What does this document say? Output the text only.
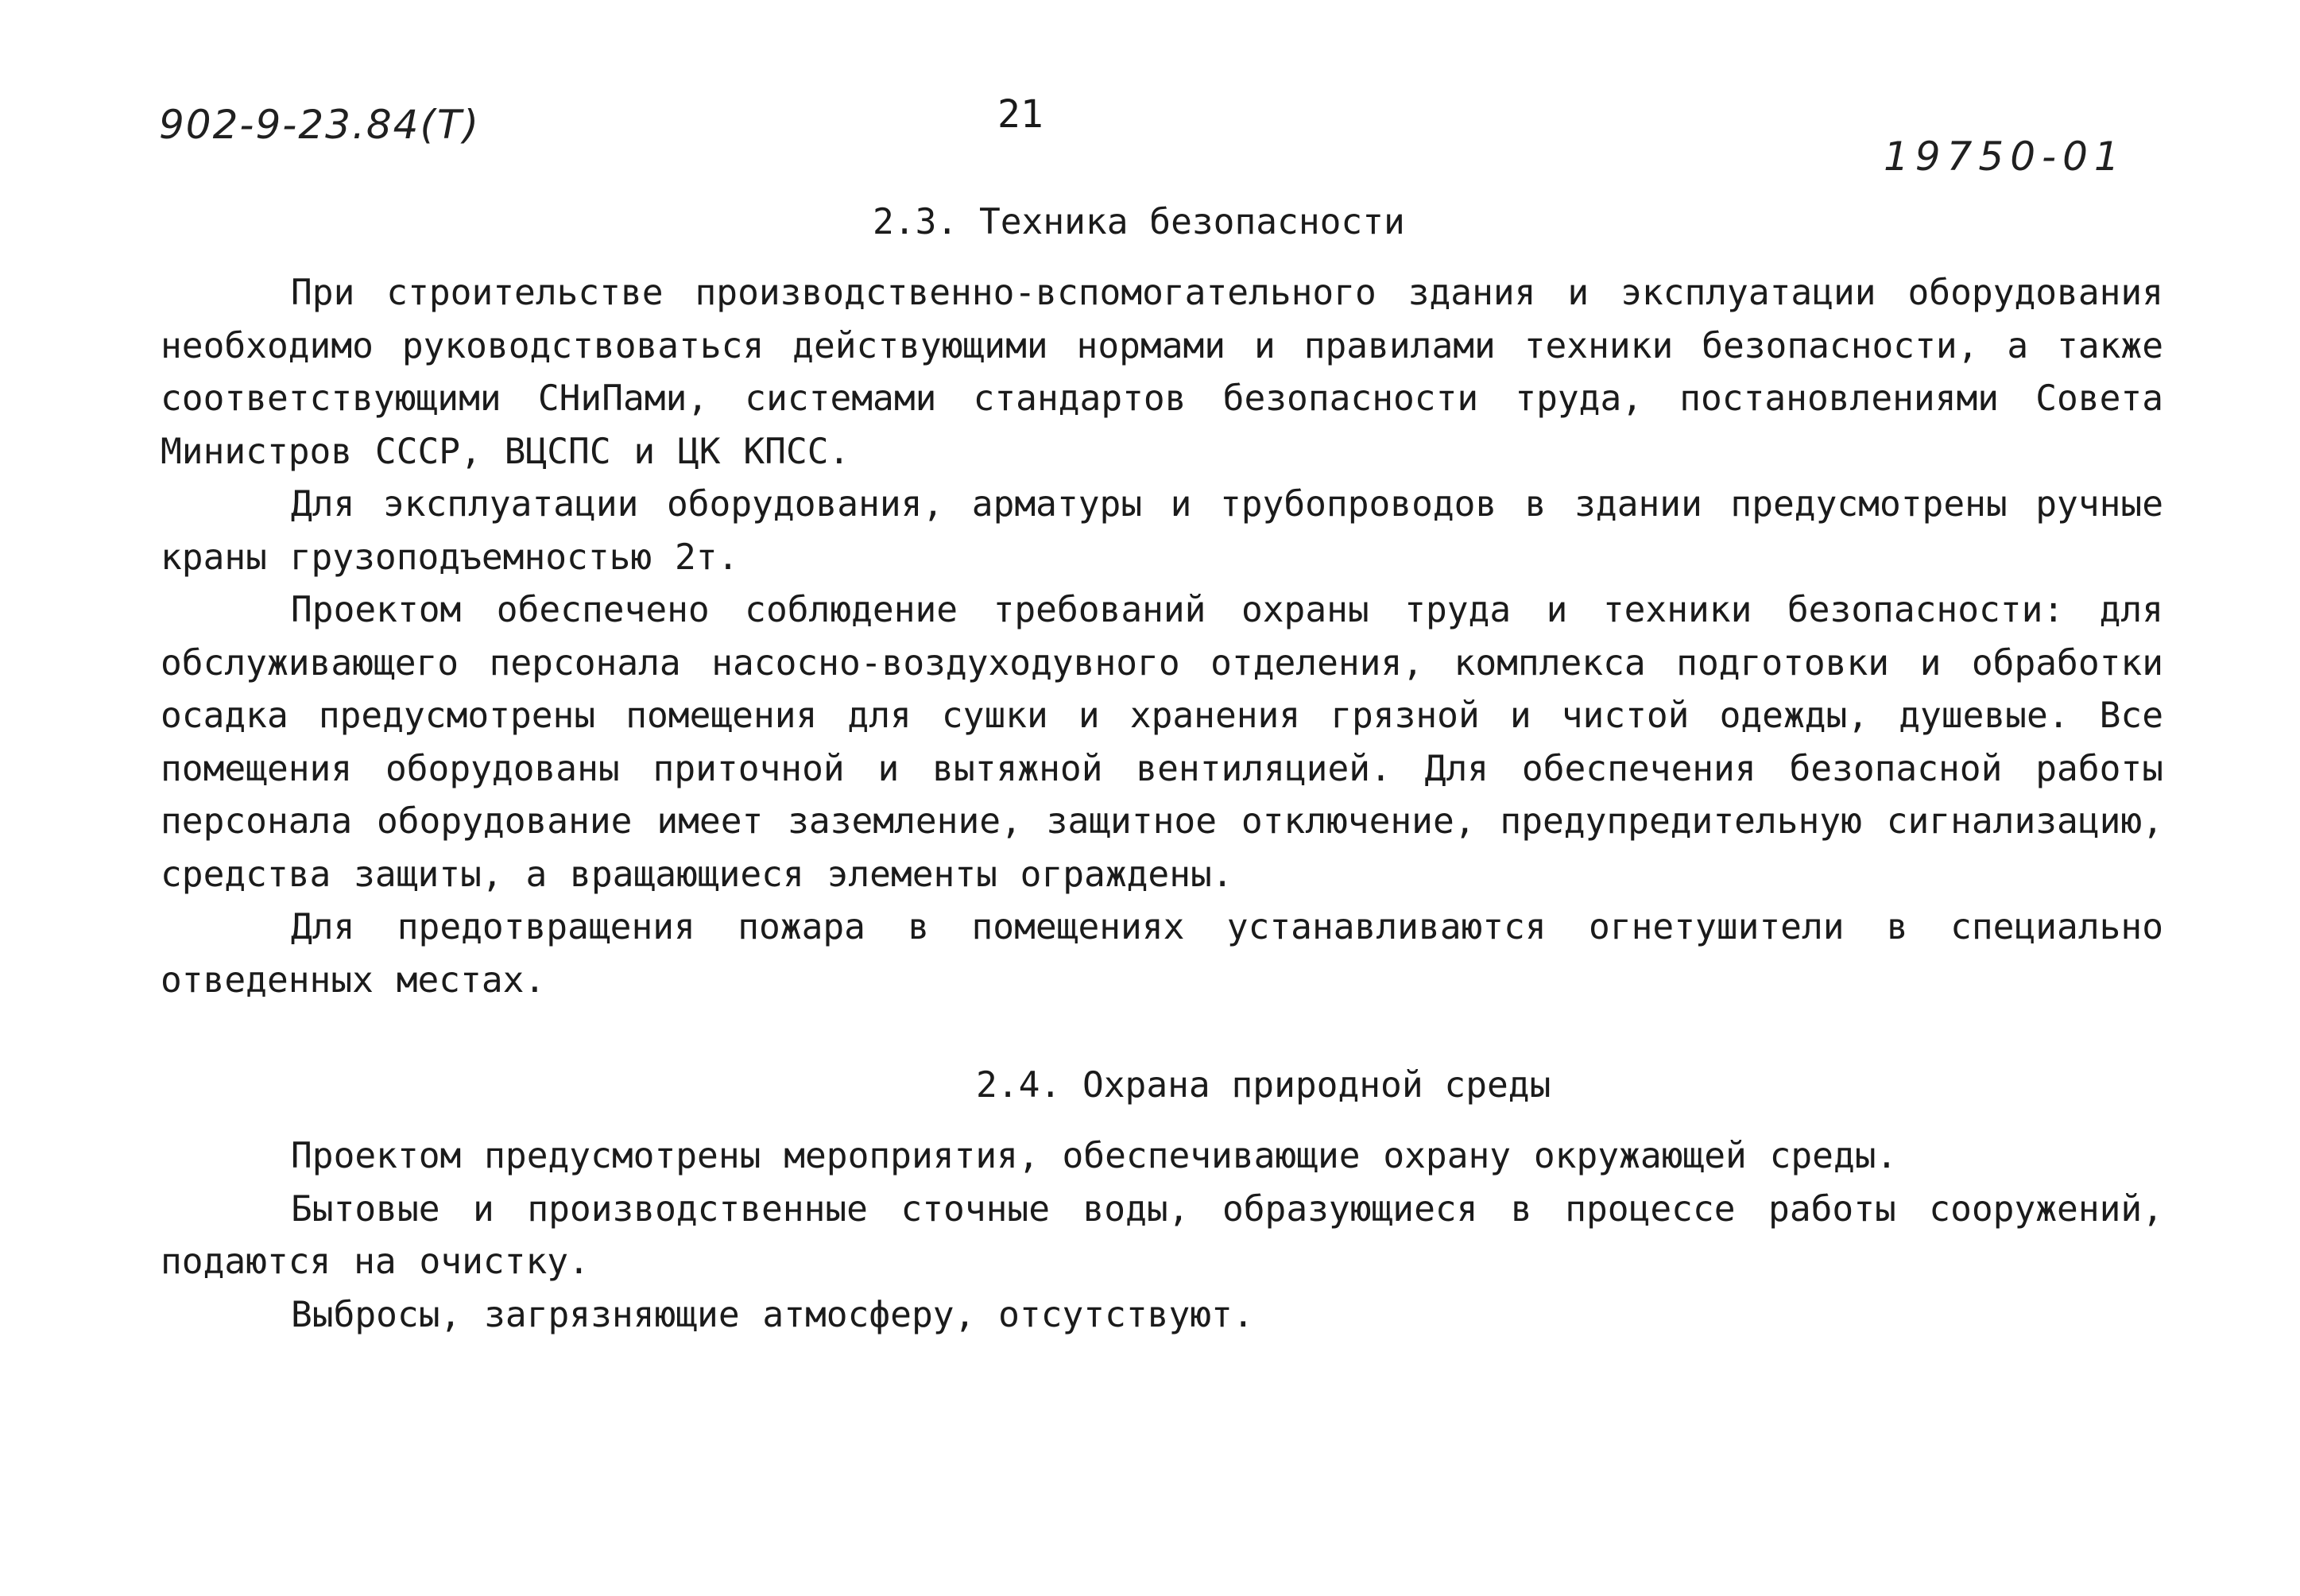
902-9-23.84(Т)	21
19750-01
2.3. Техника безопасности

При строительстве производственно-вспомогательного здания и эксплуатации оборудования необходимо руководствоваться действующими нормами и правилами техники безопасности, а также соответствующими СНиПами, системами стандартов безопасности труда, постановлениями Совета Министров СССР, ВЦСПС и ЦК КПСС.

Для эксплуатации оборудования, арматуры и трубопроводов в здании предусмотрены ручные краны грузоподъемностью 2т.

Проектом обеспечено соблюдение требований охраны труда и техники безопасности: для обслуживающего персонала насосно-воздуходувного отделения, комплекса подготовки и обработки осадка предусмотрены помещения для сушки и хранения грязной и чистой одежды, душевые. Все помещения оборудованы приточной и вытяжной вентиляцией. Для обеспечения безопасной работы персонала оборудование имеет заземление, защитное отключение, предупредительную сигнализацию, средства защиты, а вращающиеся элементы ограждены.

Для предотвращения пожара в помещениях устанавливаются огнетушители в специально отведенных местах.

2.4. Охрана природной среды

Проектом предусмотрены мероприятия, обеспечивающие охрану окружающей среды.

Бытовые и производственные сточные воды, образующиеся в процессе работы сооружений, подаются на очистку.

Выбросы, загрязняющие атмосферу, отсутствуют.
